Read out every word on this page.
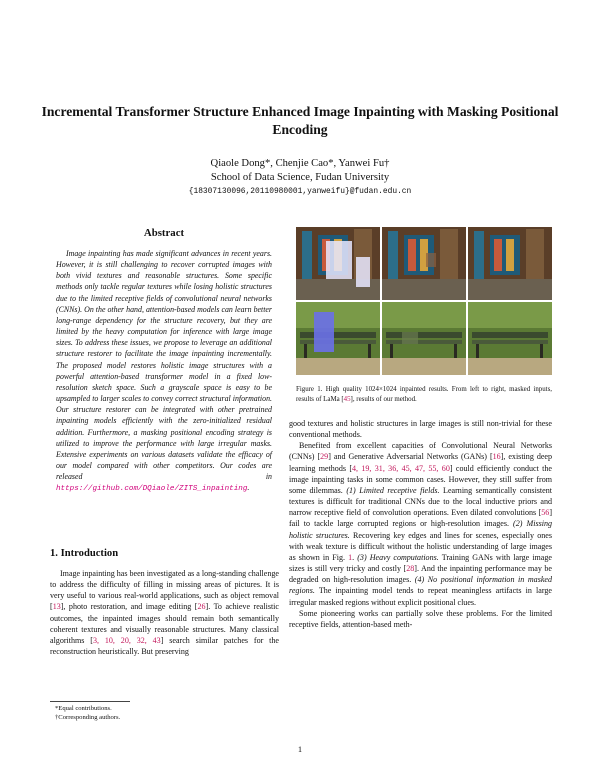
Incremental Transformer Structure Enhanced Image Inpainting with Masking Positional Encoding
Qiaole Dong*, Chenjie Cao*, Yanwei Fu†
School of Data Science, Fudan University
{18307130096,20110980001,yanweifu}@fudan.edu.cn
Abstract
Image inpainting has made significant advances in recent years. However, it is still challenging to recover corrupted images with both vivid textures and reasonable structures. Some specific methods only tackle regular textures while losing holistic structures due to the limited receptive fields of convolutional neural networks (CNNs). On the other hand, attention-based models can learn better long-range dependency for the structure recovery, but they are limited by the heavy computation for inference with large image sizes. To address these issues, we propose to leverage an additional structure restorer to facilitate the image inpainting incrementally. The proposed model restores holistic image structures with a powerful attention-based transformer model in a fixed low-resolution sketch space. Such a grayscale space is easy to be upsampled to larger scales to convey correct structural information. Our structure restorer can be integrated with other pretrained inpainting models efficiently with the zero-initialized residual addition. Furthermore, a masking positional encoding strategy is utilized to improve the performance with large irregular masks. Extensive experiments on various datasets validate the efficacy of our model compared with other competitors. Our codes are released in https://github.com/DQiaole/ZITS_inpainting.
1. Introduction
Image inpainting has been investigated as a long-standing challenge to address the difficulty of filling in missing areas of pictures. It is very useful to various real-world applications, such as object removal [13], photo restoration, and image editing [26]. To achieve realistic outcomes, the inpainted images should remain both semantically coherent textures and visually reasonable structures. Many classical algorithms [3, 10, 20, 32, 43] search similar patches for the reconstruction heuristically. But preserving
*Equal contributions.
†Corresponding authors.
Figure 1. High quality 1024×1024 inpainted results. From left to right, masked inputs, results of LaMa [45], results of our method.

good textures and holistic structures in large images is still non-trivial for these conventional methods.

Benefited from excellent capacities of Convolutional Neural Networks (CNNs) [29] and Generative Adversarial Networks (GANs) [16], existing deep learning methods [4, 19, 31, 36, 45, 47, 55, 60] could efficiently conduct the image inpainting tasks in some common cases. However, they still suffer from some dilemmas. (1) Limited receptive fields. Learning semantically consistent textures is difficult for traditional CNNs due to the local inductive priors and narrow receptive field of convolution operations. Even dilated convolutions [56] fail to tackle large corrupted regions or high-resolution images. (2) Missing holistic structures. Recovering key edges and lines for scenes, especially ones with weak texture is difficult without the holistic understanding of large images as shown in Fig. 1. (3) Heavy computations. Training GANs with large image sizes is still very tricky and costly [28]. And the inpainting performance may be degraded on high-resolution images. (4) No positional information in masked regions. The inpainting model tends to repeat meaningless artifacts in large irregular masked regions without explicit positional clues.

Some pioneering works can partially solve these problems. For the limited receptive fields, attention-based meth-

1
